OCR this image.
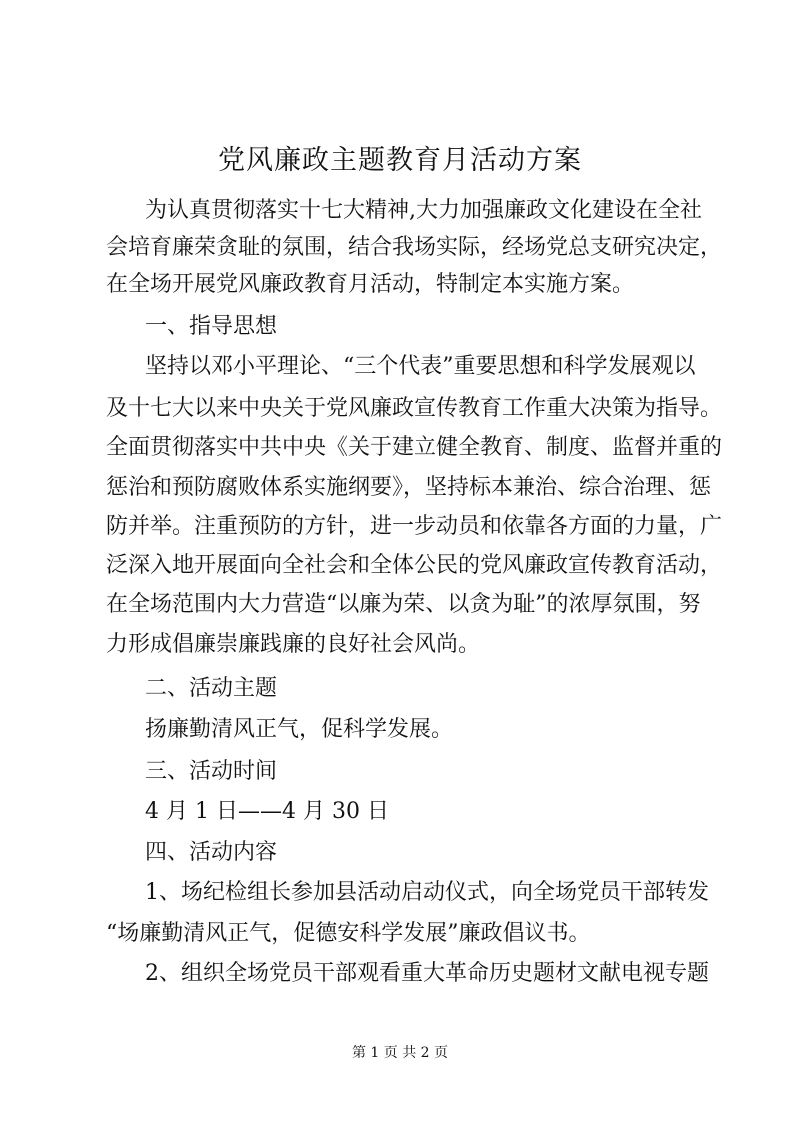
党风廉政主题教育月活动方案

为认真贯彻落实十七大精神,大力加强廉政文化建设在全社

会培育廉荣贪耻的氛围，结合我场实际，经场党总支研究决定，

在全场开展党风廉政教育月活动，特制定本实施方案。

一、指导思想

坚持以邓小平理论、“三个代表”重要思想和科学发展观以

及十七大以来中央关于党风廉政宣传教育工作重大决策为指导。

全面贯彻落实中共中央《关于建立健全教育、制度、监督并重的

惩治和预防腐败体系实施纲要》，坚持标本兼治、综合治理、惩

防并举。注重预防的方针，进一步动员和依靠各方面的力量，广

泛深入地开展面向全社会和全体公民的党风廉政宣传教育活动，

在全场范围内大力营造“以廉为荣、以贪为耻”的浓厚氛围，努

力形成倡廉崇廉践廉的良好社会风尚。

二、活动主题

扬廉勤清风正气，促科学发展。

三、活动时间

4 月 1 日——4 月 30 日

四、活动内容

1、场纪检组长参加县活动启动仪式，向全场党员干部转发

“场廉勤清风正气，促德安科学发展”廉政倡议书。

2、组织全场党员干部观看重大革命历史题材文献电视专题

第 1 页 共 2 页
